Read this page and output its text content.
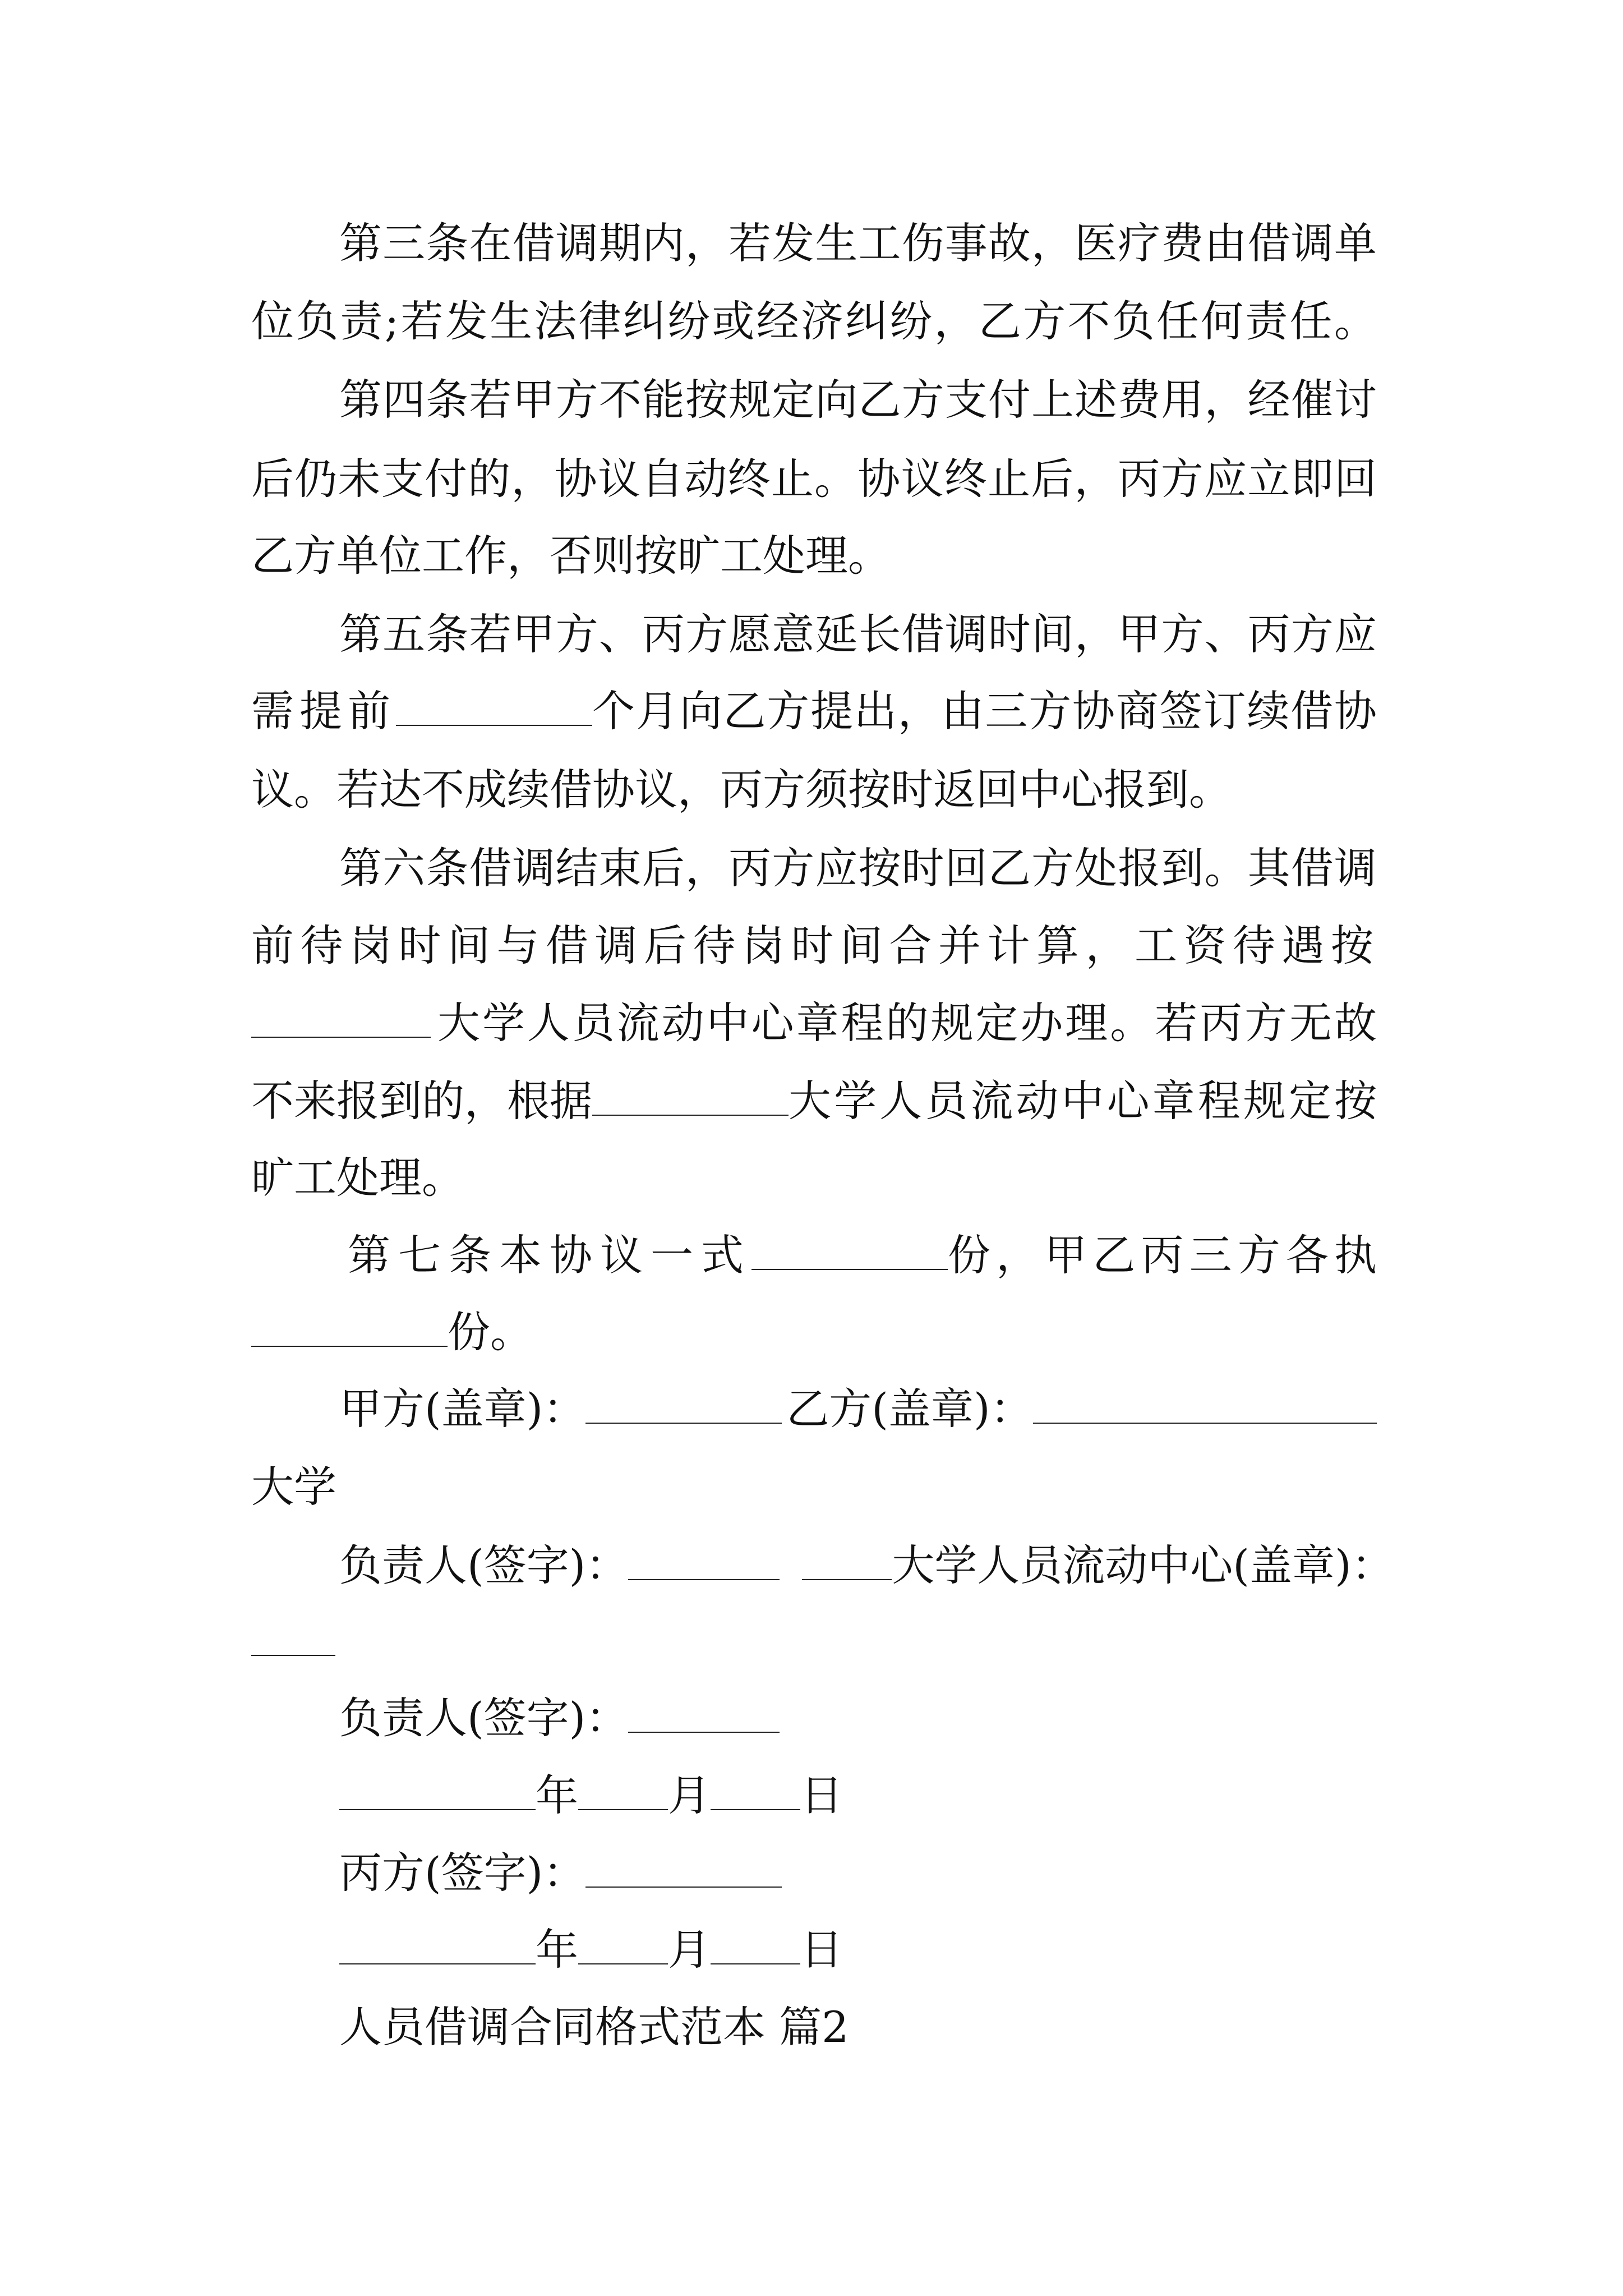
第 三 条 在 借 调 期 内 ， 若 发 生 工 伤 事 故 ， 医 疗 费 由 借 调 单
位 负 责 ; 若 发 生 法 律 纠 纷 或 经 济 纠 纷 ， 乙 方 不 负 任 何 责 任 。
第 四 条 若 甲 方 不 能 按 规 定 向 乙 方 支 付 上 述 费 用 ， 经 催 讨
后 仍 未 支 付 的 ， 协 议 自 动 终 止 。 协 议 终 止 后 ， 丙 方 应 立 即 回
乙方单位工作，否则按旷工处理。
第 五 条 若 甲 方 、 丙 方 愿 意 延 长 借 调 时 间 ， 甲 方 、 丙 方 应
需提前	个月向乙方提出，由三方协商签订续借协
议。若达不成续借协议，丙方须按时返回中心报到。
第 六 条 借 调 结 束 后 ， 丙 方 应 按 时 回 乙 方 处 报 到 。 其 借 调
前 待 岗 时 间 与 借 调 后 待 岗 时 间 合 并 计 算 ， 工 资 待 遇 按
大学人员流动中心章程的规定办理。若丙方无故
不来报到的，根据	大学人员流动中心章程规定按
旷工处理。
第七条本协议一式	份，甲乙丙三方各执
份。
甲方(盖章)：	乙方(盖章)：
大学
负责人(签字)：	大学人员流动中心(盖章)：
负责人(签字)：
年 月 日
丙方(签字)：
年 月 日
人员借调合同格式范本 篇2
